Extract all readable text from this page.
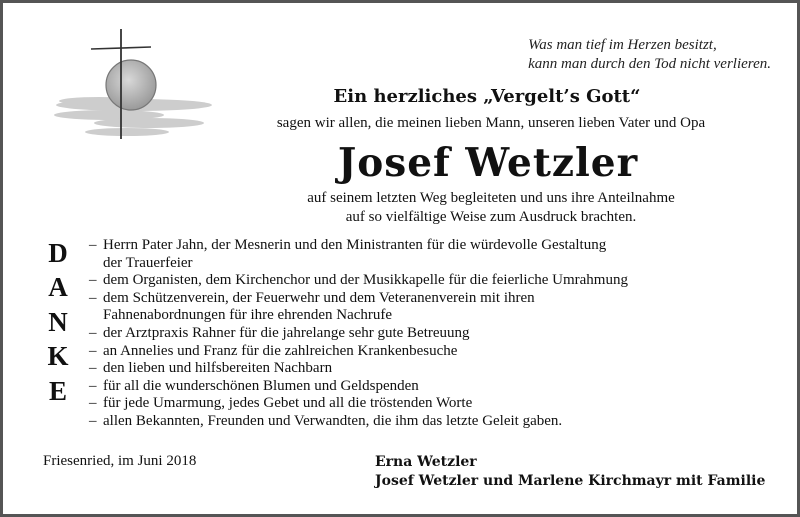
Was man tief im Herzen besitzt,
kann man durch den Tod nicht verlieren.
Ein herzliches „Vergelt’s Gott“
sagen wir allen, die meinen lieben Mann, unseren lieben Vater und Opa
Josef Wetzler
auf seinem letzten Weg begleiteten und uns ihre Anteilnahme
auf so vielfältige Weise zum Ausdruck brachten.
D
A
N
K
E
– Herrn Pater Jahn, der Mesnerin und den Ministranten für die würdevolle Gestaltung
der Trauerfeier
– dem Organisten, dem Kirchenchor und der Musikkapelle für die feierliche Umrahmung
– dem Schützenverein, der Feuerwehr und dem Veteranenverein mit ihren
Fahnenabordnungen für ihre ehrenden Nachrufe
– der Arztpraxis Rahner für die jahrelange sehr gute Betreuung
– an Annelies und Franz für die zahlreichen Krankenbesuche
– den lieben und hilfsbereiten Nachbarn
– für all die wunderschönen Blumen und Geldspenden
– für jede Umarmung, jedes Gebet und all die tröstenden Worte
– allen Bekannten, Freunden und Verwandten, die ihm das letzte Geleit gaben.
Friesenried, im Juni 2018	Erna Wetzler
Josef Wetzler und Marlene Kirchmayr mit Familie
